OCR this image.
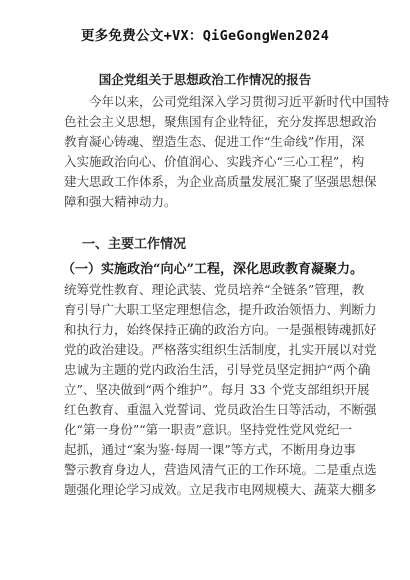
更多免费公文+VX：QiGeGongWen2024
国企党组关于思想政治工作情况的报告
今年以来，公司党组深入学习贯彻习近平新时代中国特
色社会主义思想，聚焦国有企业特征，充分发挥思想政治
教育凝心铸魂、塑造生态、促进工作“生命线”作用，深
入实施政治向心、价值润心、实践齐心“三心工程”，构
建大思政工作体系，为企业高质量发展汇聚了坚强思想保
障和强大精神动力。
一、主要工作情况
（一）实施政治“向心”工程，深化思政教育凝聚力。
统筹党性教育、理论武装、党员培养“全链条”管理，教
育引导广大职工坚定理想信念，提升政治领悟力、判断力
和执行力，始终保持正确的政治方向。一是强根铸魂抓好
党的政治建设。严格落实组织生活制度，扎实开展以对党
忠诚为主题的党内政治生活，引导党员坚定拥护“两个确
立”、坚决做到“两个维护”。每月 33 个党支部组织开展
红色教育、重温入党誓词、党员政治生日等活动，不断强
化“第一身份”“第一职责”意识。坚持党性党风党纪一
起抓，通过“案为鉴·每周一课”等方式，不断用身边事
警示教育身边人，营造风清气正的工作环境。二是重点选
题强化理论学习成效。立足我市电网规模大、蔬菜大棚多
